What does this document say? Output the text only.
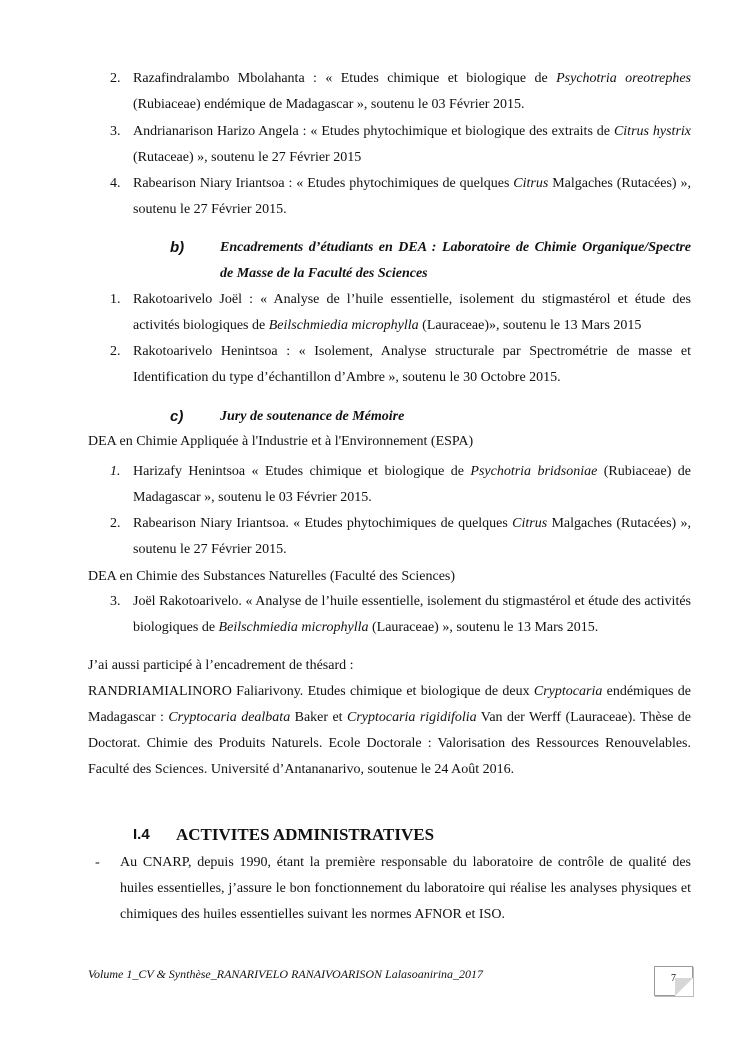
2. Razafindralambo Mbolahanta : « Etudes chimique et biologique de Psychotria oreotrephes (Rubiaceae) endémique de Madagascar », soutenu le 03 Février 2015.
3. Andrianarison Harizo Angela : « Etudes phytochimique et biologique des extraits de Citrus hystrix (Rutaceae) », soutenu le 27 Février 2015
4. Rabearison Niary Iriantsoa : « Etudes phytochimiques de quelques Citrus Malgaches (Rutacées) », soutenu le 27 Février 2015.
b)	Encadrements d’étudiants en DEA : Laboratoire de Chimie Organique/Spectre de Masse de la Faculté des Sciences
1. Rakotoarivelo Joël : « Analyse de l’huile essentielle, isolement du stigmastérol et étude des activités biologiques de Beilschmiedia microphylla (Lauraceae)», soutenu le 13 Mars 2015
2. Rakotoarivelo Henintsoa : « Isolement, Analyse structurale par Spectrométrie de masse et Identification du type d’échantillon d’Ambre », soutenu le 30 Octobre 2015.
c)	Jury de soutenance de Mémoire
DEA en Chimie Appliquée à l'Industrie et à l'Environnement (ESPA)
1. Harizafy Henintsoa « Etudes chimique et biologique de Psychotria bridsoniae (Rubiaceae) de Madagascar », soutenu le 03 Février 2015.
2. Rabearison Niary Iriantsoa. « Etudes phytochimiques de quelques Citrus Malgaches (Rutacées) », soutenu le 27 Février 2015.
DEA en Chimie des Substances Naturelles (Faculté des Sciences)
3. Joël Rakotoarivelo. « Analyse de l’huile essentielle, isolement du stigmastérol et étude des activités biologiques de Beilschmiedia microphylla (Lauraceae) », soutenu le 13 Mars 2015.
J’ai aussi participé à l’encadrement de thésard :
RANDRIAMIALINORO Faliarivony. Etudes chimique et biologique de deux Cryptocaria endémiques de Madagascar : Cryptocaria dealbata Baker et Cryptocaria rigidifolia Van der Werff (Lauraceae). Thèse de Doctorat. Chimie des Produits Naturels. Ecole Doctorale : Valorisation des Ressources Renouvelables. Faculté des Sciences. Université d’Antananarivo, soutenue le 24 Août 2016.
I.4 ACTIVITES ADMINISTRATIVES
- Au CNARP, depuis 1990, étant la première responsable du laboratoire de contrôle de qualité des huiles essentielles, j’assure le bon fonctionnement du laboratoire qui réalise les analyses physiques et chimiques des huiles essentielles suivant les normes AFNOR et ISO.
Volume 1_CV & Synthèse_RANARIVELO RANAIVOARISON Lalasoanirina_2017	7
